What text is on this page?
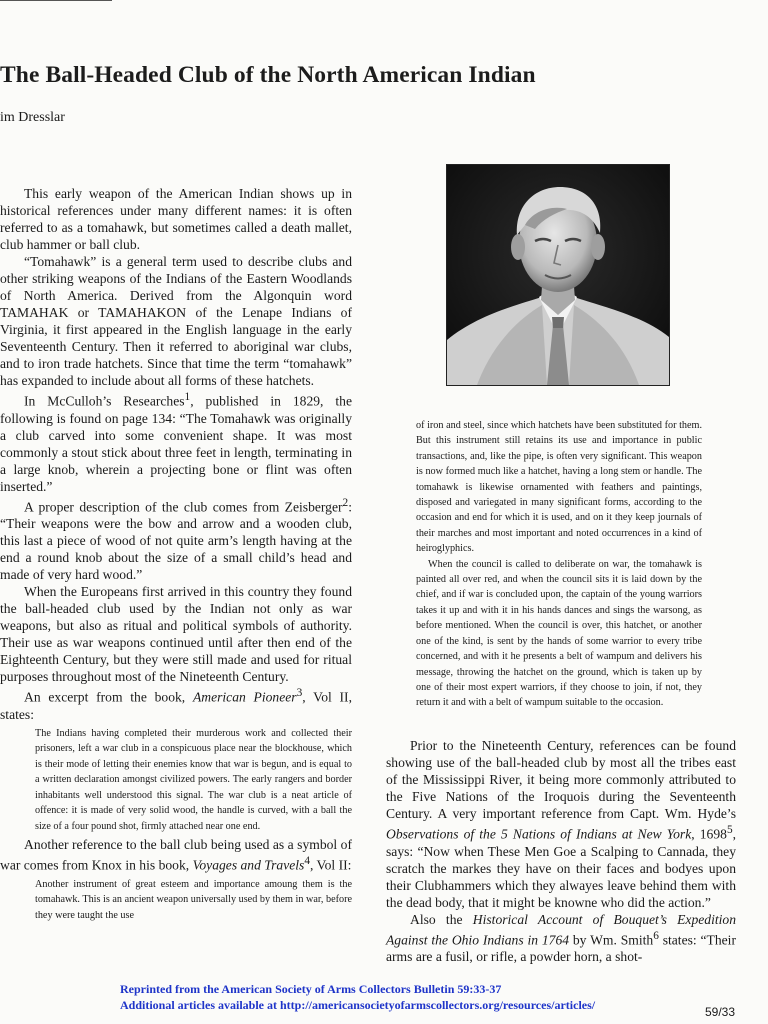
The Ball-Headed Club of the North American Indian

im Dresslar

This early weapon of the American Indian shows up in historical references under many different names: it is often referred to as a tomahawk, but sometimes called a death mallet, club hammer or ball club.

“Tomahawk” is a general term used to describe clubs and other striking weapons of the Indians of the Eastern Woodlands of North America. Derived from the Algonquin word TAMAHAK or TAMAHAKON of the Lenape Indians of Virginia, it first appeared in the English language in the early Seventeenth Century. Then it referred to aboriginal war clubs, and to iron trade hatchets. Since that time the term “tomahawk” has expanded to include about all forms of these hatchets.

In McCulloh’s Researches$^1$, published in 1829, the following is found on page 134: “The Tomahawk was originally a club carved into some convenient shape. It was most commonly a stout stick about three feet in length, terminating in a large knob, wherein a projecting bone or flint was often inserted.”

A proper description of the club comes from Zeisberger$^2$: “Their weapons were the bow and arrow and a wooden club, this last a piece of wood of not quite arm’s length having at the end a round knob about the size of a small child’s head and made of very hard wood.”

When the Europeans first arrived in this country they found the ball-headed club used by the Indian not only as war weapons, but also as ritual and political symbols of authority. Their use as war weapons continued until after then end of the Eighteenth Century, but they were still made and used for ritual purposes throughout most of the Nineteenth Century.

An excerpt from the book, American Pioneer$^3$, Vol II, states:

The Indians having completed their murderous work and collected their prisoners, left a war club in a conspicuous place near the blockhouse, which is their mode of letting their enemies know that war is begun, and is equal to a written declaration amongst civilized powers. The early rangers and border inhabitants well understood this signal. The war club is a neat article of offence: it is made of very solid wood, the handle is curved, with a ball the size of a four pound shot, firmly attached near one end.

Another reference to the ball club being used as a symbol of war comes from Knox in his book, Voyages and Travels$^4$, Vol II:

Another instrument of great esteem and importance amoung them is the tomahawk. This is an ancient weapon universally used by them in war, before they were taught the use

of iron and steel, since which hatchets have been substituted for them. But this instrument still retains its use and importance in public transactions, and, like the pipe, is often very significant. This weapon is now formed much like a hatchet, having a long stem or handle. The tomahawk is likewise ornamented with feathers and paintings, disposed and variegated in many significant forms, according to the occasion and end for which it is used, and on it they keep journals of their marches and most important and noted occurrences in a kind of heiroglyphics.

When the council is called to deliberate on war, the tomahawk is painted all over red, and when the council sits it is laid down by the chief, and if war is concluded upon, the captain of the young warriors takes it up and with it in his hands dances and sings the warsong, as before mentioned. When the council is over, this hatchet, or another one of the kind, is sent by the hands of some warrior to every tribe concerned, and with it he presents a belt of wampum and delivers his message, throwing the hatchet on the ground, which is taken up by one of their most expert warriors, if they choose to join, if not, they return it and with a belt of wampum suitable to the occasion.

Prior to the Nineteenth Century, references can be found showing use of the ball-headed club by most all the tribes east of the Mississippi River, it being more commonly attributed to the Five Nations of the Iroquois during the Seventeenth Century. A very important reference from Capt. Wm. Hyde’s Observations of the 5 Nations of Indians at New York, 1698$^5$, says: “Now when These Men Goe a Scalping to Cannada, they scratch the markes they have on their faces and bodyes upon their Clubhammers which they alwayes leave behind them with the dead body, that it might be knowne who did the action.”

Also the Historical Account of Bouquet’s Expedition Against the Ohio Indians in 1764 by Wm. Smith$^6$ states: “Their arms are a fusil, or rifle, a powder horn, a shot-

Reprinted from the American Society of Arms Collectors Bulletin 59:33-37
Additional articles available at http://americansocietyofarmscollectors.org/resources/articles/	59/33
